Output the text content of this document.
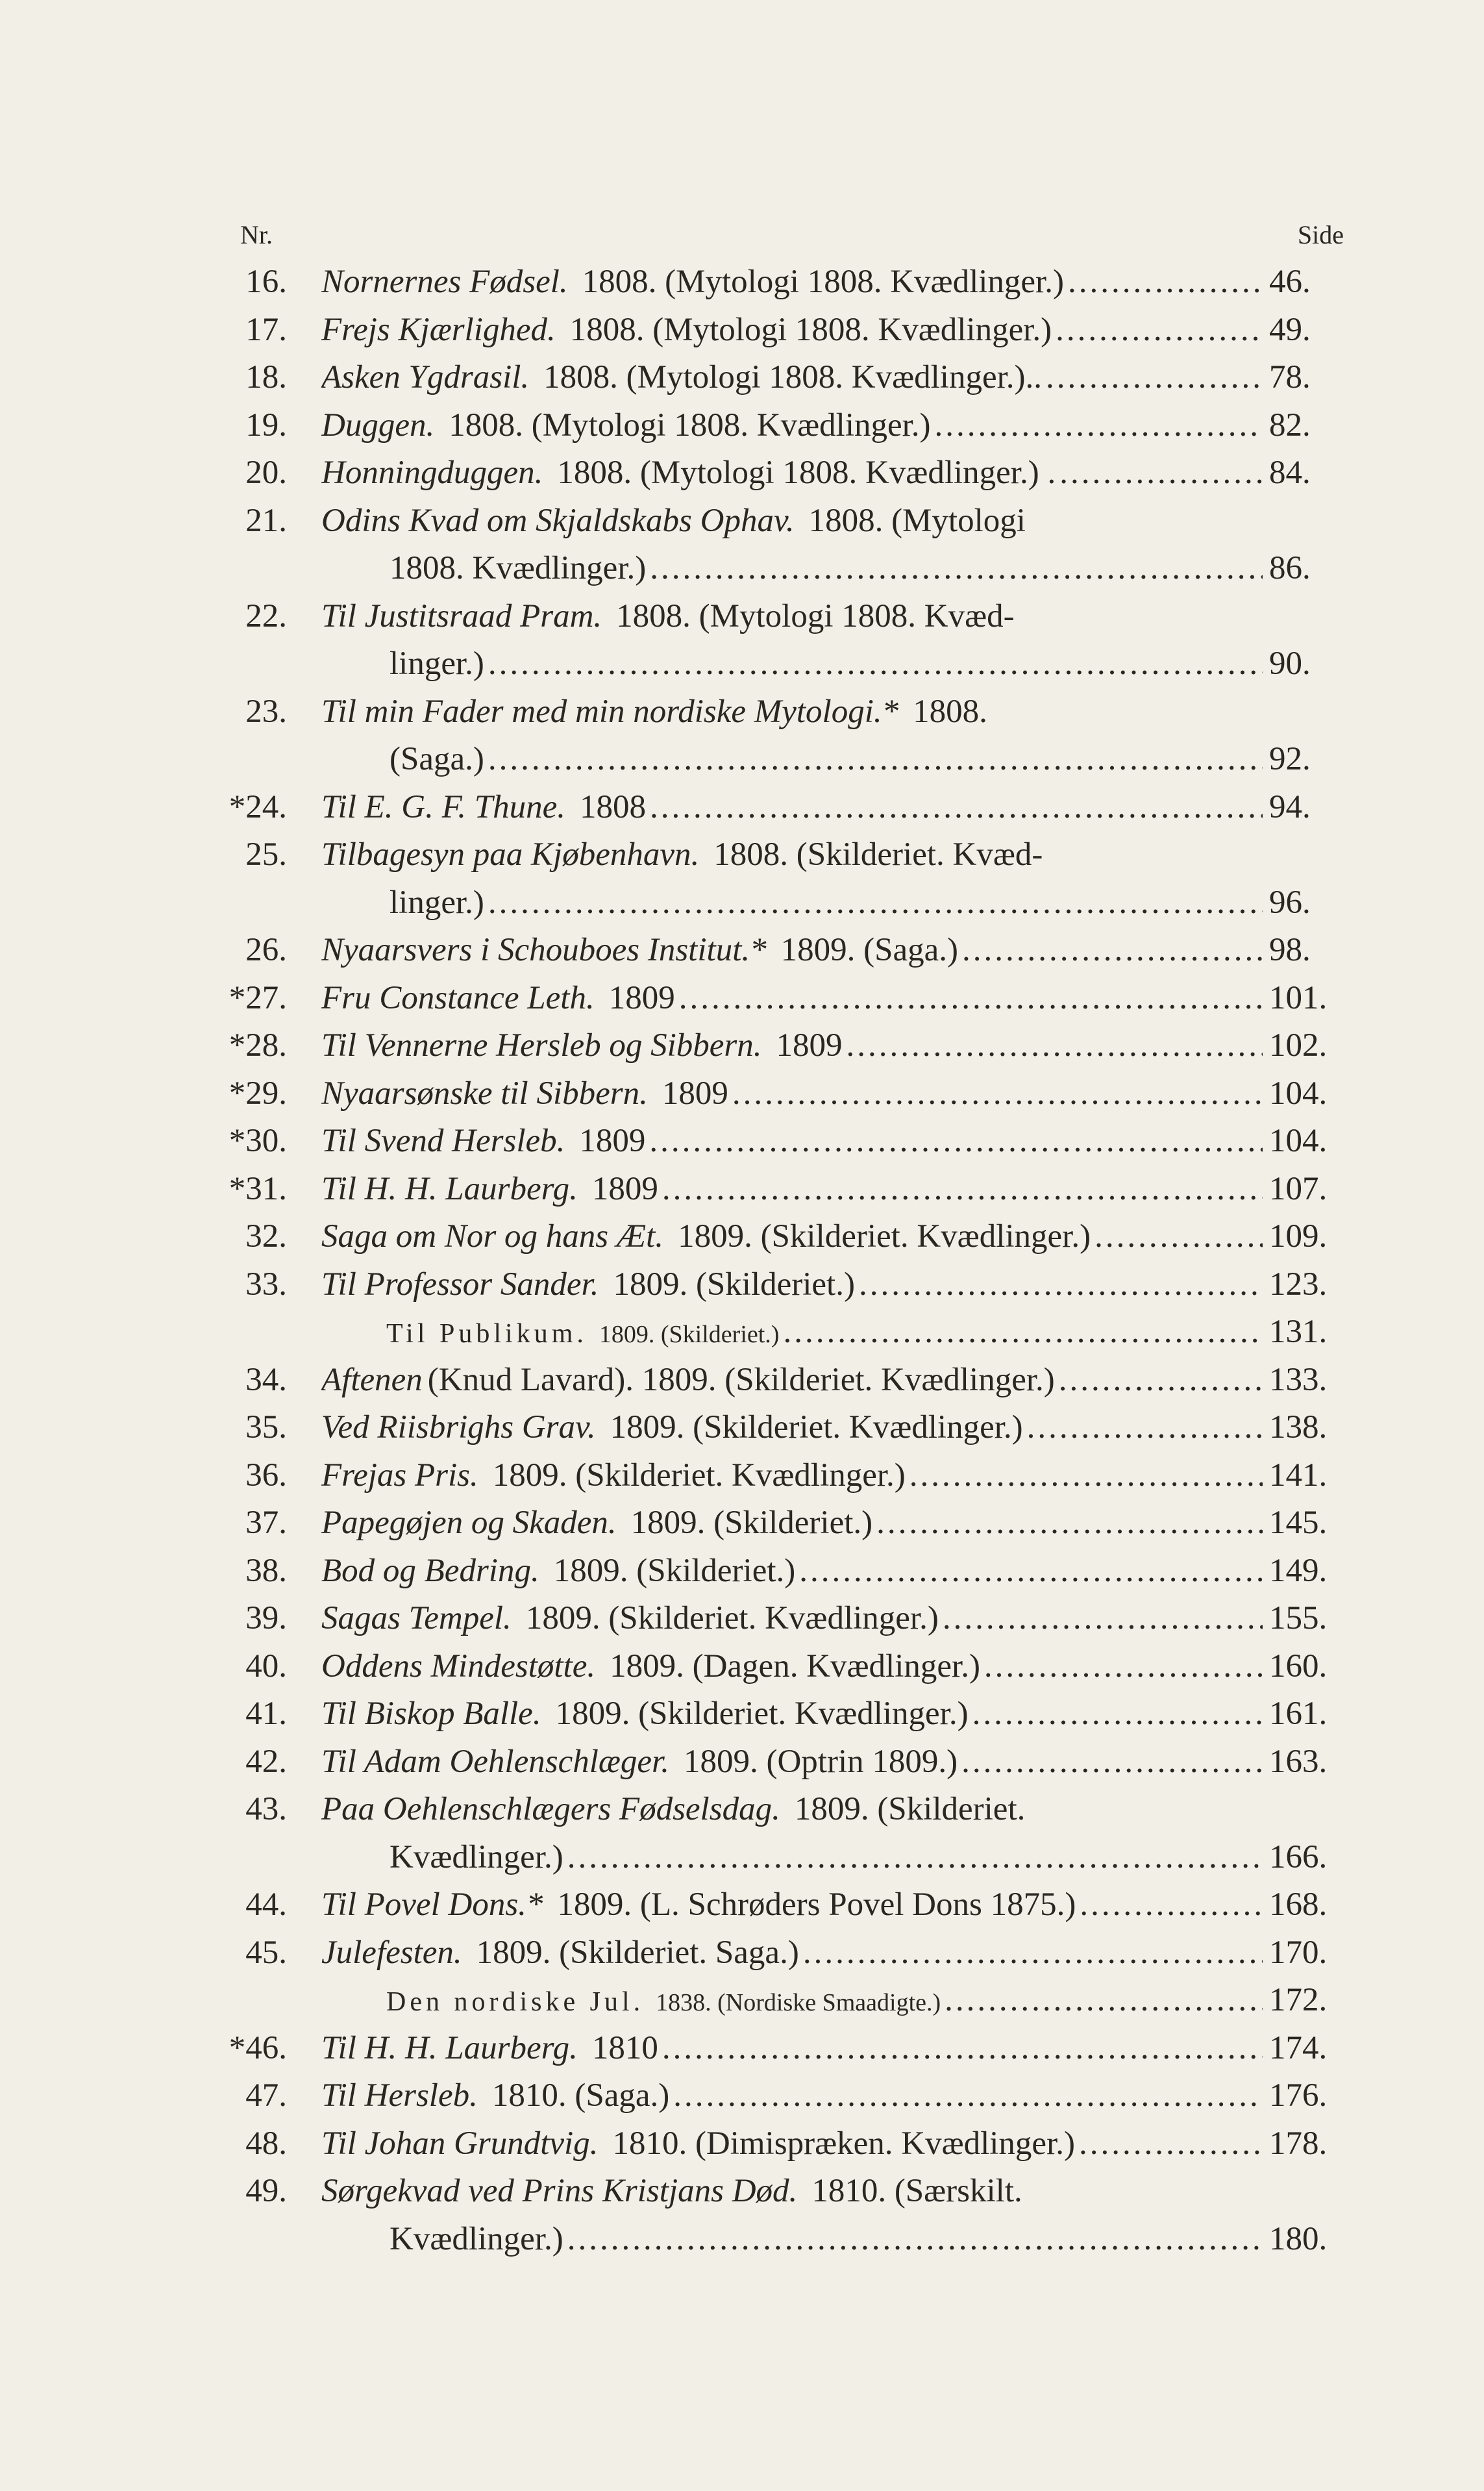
Nr.	Side
16. Nornernes Fødsel. 1808. (Mytologi 1808. Kvædlinger.) .....	46.
17. Frejs Kjærlighed. 1808. (Mytologi 1808. Kvædlinger.) .....	49.
18. Asken Ygdrasil. 1808. (Mytologi 1808. Kvædlinger.).. .....	78.
19. Duggen. 1808. (Mytologi 1808. Kvædlinger.) .....	82.
20. Honningduggen. 1808. (Mytologi 1808. Kvædlinger.) . .....	84.
21. Odins Kvad om Skjaldskabs Ophav. 1808. (Mytologi
1808. Kvædlinger.) .....	86.
22. Til Justitsraad Pram. 1808. (Mytologi 1808. Kvæd-
linger.) .....	90.
23. Til min Fader med min nordiske Mytologi.* 1808.
(Saga.) .....	92.
*24. Til E. G. F. Thune. 1808 .....	94.
25. Tilbagesyn paa Kjøbenhavn. 1808. (Skilderiet. Kvæd-
linger.) .....	96.
26. Nyaarsvers i Schouboes Institut.* 1809. (Saga.) .....	98.
*27. Fru Constance Leth. 1809 .....	101.
*28. Til Vennerne Hersleb og Sibbern. 1809 .....	102.
*29. Nyaarsønske til Sibbern. 1809 .....	104.
*30. Til Svend Hersleb. 1809 .....	104.
*31. Til H. H. Laurberg. 1809 .....	107.
32. Saga om Nor og hans Æt. 1809. (Skilderiet. Kvædlinger.) .....	109.
33. Til Professor Sander. 1809. (Skilderiet.) .....	123.
Til Publikum. 1809. (Skilderiet.) .....	131.
34. Aftenen (Knud Lavard). 1809. (Skilderiet. Kvædlinger.) .....	133.
35. Ved Riisbrighs Grav. 1809. (Skilderiet. Kvædlinger.) .....	138.
36. Frejas Pris. 1809. (Skilderiet. Kvædlinger.) .....	141.
37. Papegøjen og Skaden. 1809. (Skilderiet.) .....	145.
38. Bod og Bedring. 1809. (Skilderiet.) .....	149.
39. Sagas Tempel. 1809. (Skilderiet. Kvædlinger.) .....	155.
40. Oddens Mindestøtte. 1809. (Dagen. Kvædlinger.) .....	160.
41. Til Biskop Balle. 1809. (Skilderiet. Kvædlinger.) .....	161.
42. Til Adam Oehlenschlæger. 1809. (Optrin 1809.) .....	163.
43. Paa Oehlenschlægers Fødselsdag. 1809. (Skilderiet.
Kvædlinger.) .....	166.
44. Til Povel Dons.* 1809. (L. Schrøders Povel Dons 1875.) .....	168.
45. Julefesten. 1809. (Skilderiet. Saga.) .....	170.
Den nordiske Jul. 1838. (Nordiske Smaadigte.) .....	172.
*46. Til H. H. Laurberg. 1810 .....	174.
47. Til Hersleb. 1810. (Saga.) .....	176.
48. Til Johan Grundtvig. 1810. (Dimispræken. Kvædlinger.) .....	178.
49. Sørgekvad ved Prins Kristjans Død. 1810. (Særskilt.
Kvædlinger.) .....	180.
